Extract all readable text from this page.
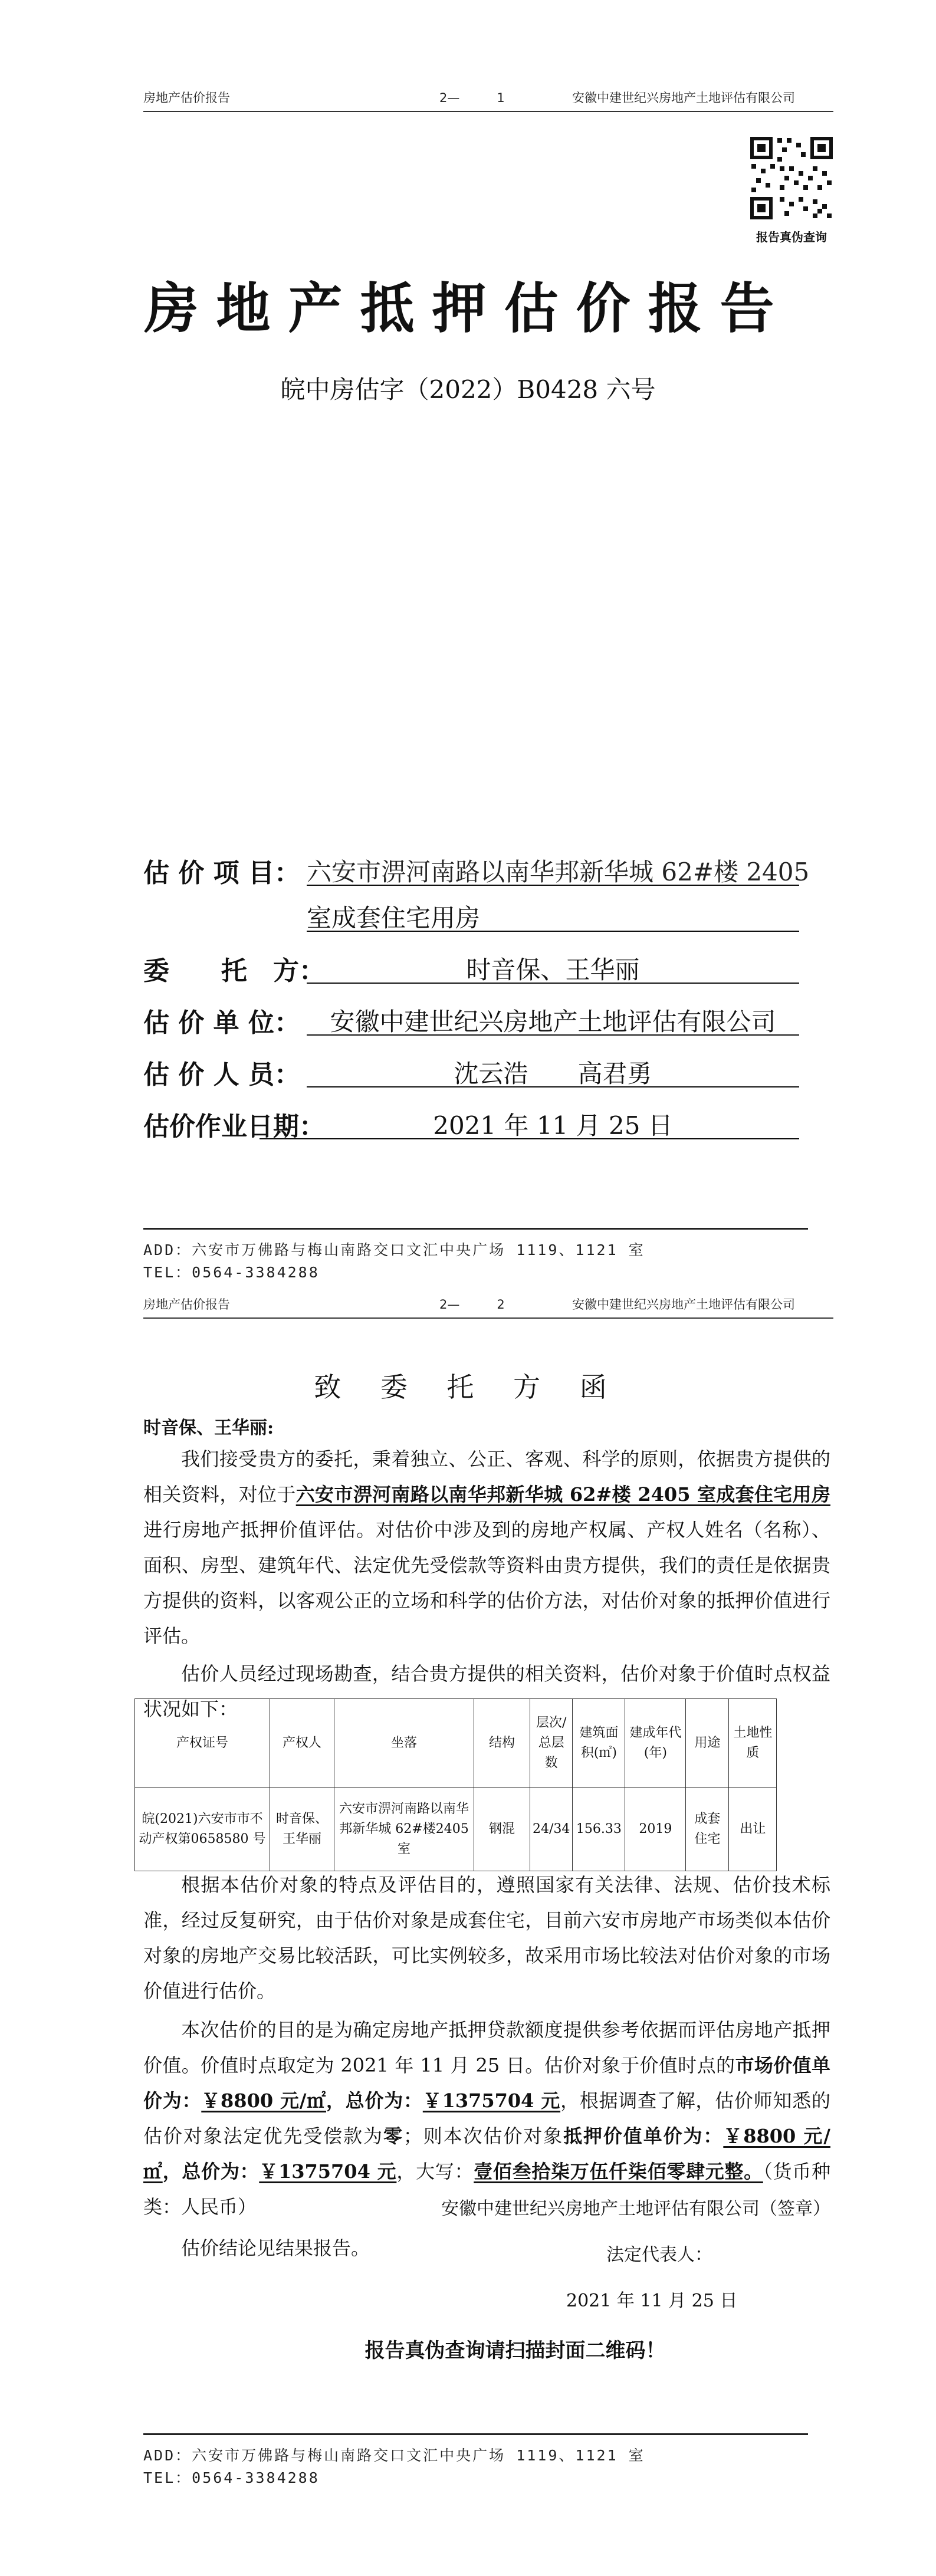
房地产估价报告	2—　　　1	安徽中建世纪兴房地产土地评估有限公司
报告真伪查询
房地产抵押估价报告
皖中房估字（2022）B0428 六号
估 价 项 目： 六安市淠河南路以南华邦新华城 62#楼 2405
室成套住宅用房
委　　托　方：	时音保、王华丽
估 价 单 位：	安徽中建世纪兴房地产土地评估有限公司
估 价 人 员：	沈云浩　　高君勇
估价作业日期：	2021 年 11 月 25 日
ADD：六安市万佛路与梅山南路交口文汇中央广场 1119、1121 室
TEL：0564-3384288
房地产估价报告	2—　　　2	安徽中建世纪兴房地产土地评估有限公司
致 委 托 方 函

时音保、王华丽:

我们接受贵方的委托，秉着独立、公正、客观、科学的原则，依据贵方提供的相关资料，对位于六安市淠河南路以南华邦新华城 62#楼 2405 室成套住宅用房进行房地产抵押价值评估。对估价中涉及到的房地产权属、产权人姓名（名称）、面积、房型、建筑年代、法定优先受偿款等资料由贵方提供，我们的责任是依据贵方提供的资料，以客观公正的立场和科学的估价方法，对估价对象的抵押价值进行评估。

估价人员经过现场勘查，结合贵方提供的相关资料，估价对象于价值时点权益状况如下：

产权证号	产权人	坐落	结构	层次/总层数	建筑面积(㎡)	建成年代(年)	用途	土地性质
皖(2021)六安市市不动产权第0658580 号	时音保、王华丽	六安市淠河南路以南华邦新华城 62#楼2405 室	钢混	24/34	156.33	2019	成套住宅	出让

根据本估价对象的特点及评估目的，遵照国家有关法律、法规、估价技术标准，经过反复研究，由于估价对象是成套住宅，目前六安市房地产市场类似本估价对象的房地产交易比较活跃，可比实例较多，故采用市场比较法对估价对象的市场价值进行估价。

本次估价的目的是为确定房地产抵押贷款额度提供参考依据而评估房地产抵押价值。价值时点取定为 2021 年 11 月 25 日。估价对象于价值时点的市场价值单价为：￥8800 元/㎡，总价为：￥1375704 元，根据调查了解，估价师知悉的估价对象法定优先受偿款为零；则本次估价对象抵押价值单价为：￥8800 元/㎡，总价为：￥1375704 元，大写：壹佰叁拾柒万伍仟柒佰零肆元整。（货币种类：人民币）

估价结论见结果报告。

安徽中建世纪兴房地产土地评估有限公司（签章）
法定代表人：
2021 年 11 月 25 日
报告真伪查询请扫描封面二维码！
ADD：六安市万佛路与梅山南路交口文汇中央广场 1119、1121 室
TEL：0564-3384288
